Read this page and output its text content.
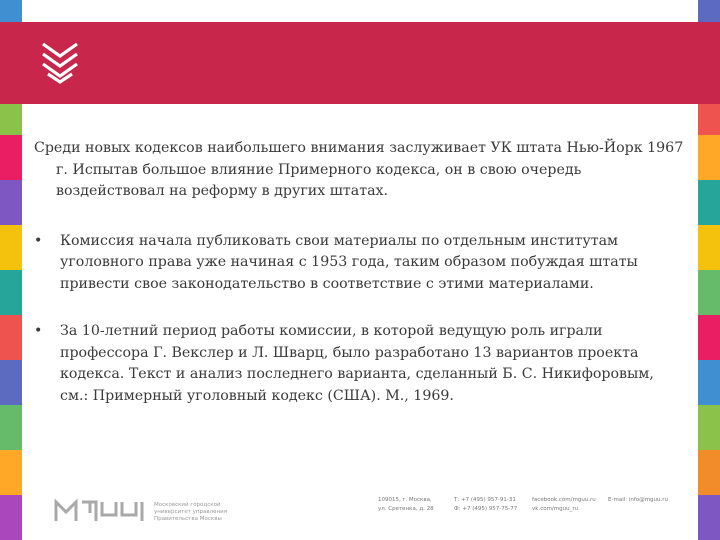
Среди новых кодексов наибольшего внимания заслуживает УК штата Нью-Йорк 1967 г. Испытав большое влияние Примерного кодекса, он в свою очередь воздействовал на реформу в других штатах.

• Комиссия начала публиковать свои материалы по отдельным институтам уголовного права уже начиная с 1953 года, таким образом побуждая штаты привести свое законодательство в соответствие с этими материалами.
• За 10-летний период работы комиссии, в которой ведущую роль играли профессора Г. Векслер и Л. Шварц, было разработано 13 вариантов проекта кодекса. Текст и анализ последнего варианта, сделанный Б. С. Никифоровым, см.: Примерный уголовный кодекс (США). М., 1969.
Московский городской
университет управления
Правительства Москвы
109015, г. Москва,
ул. Сретенка, д. 28
Т: +7 (495) 957-91-31
Ф: +7 (495) 957-75-77
facebook.com/mguu.ru
vk.com/mguu_ru
E-mail: info@mguu.ru
